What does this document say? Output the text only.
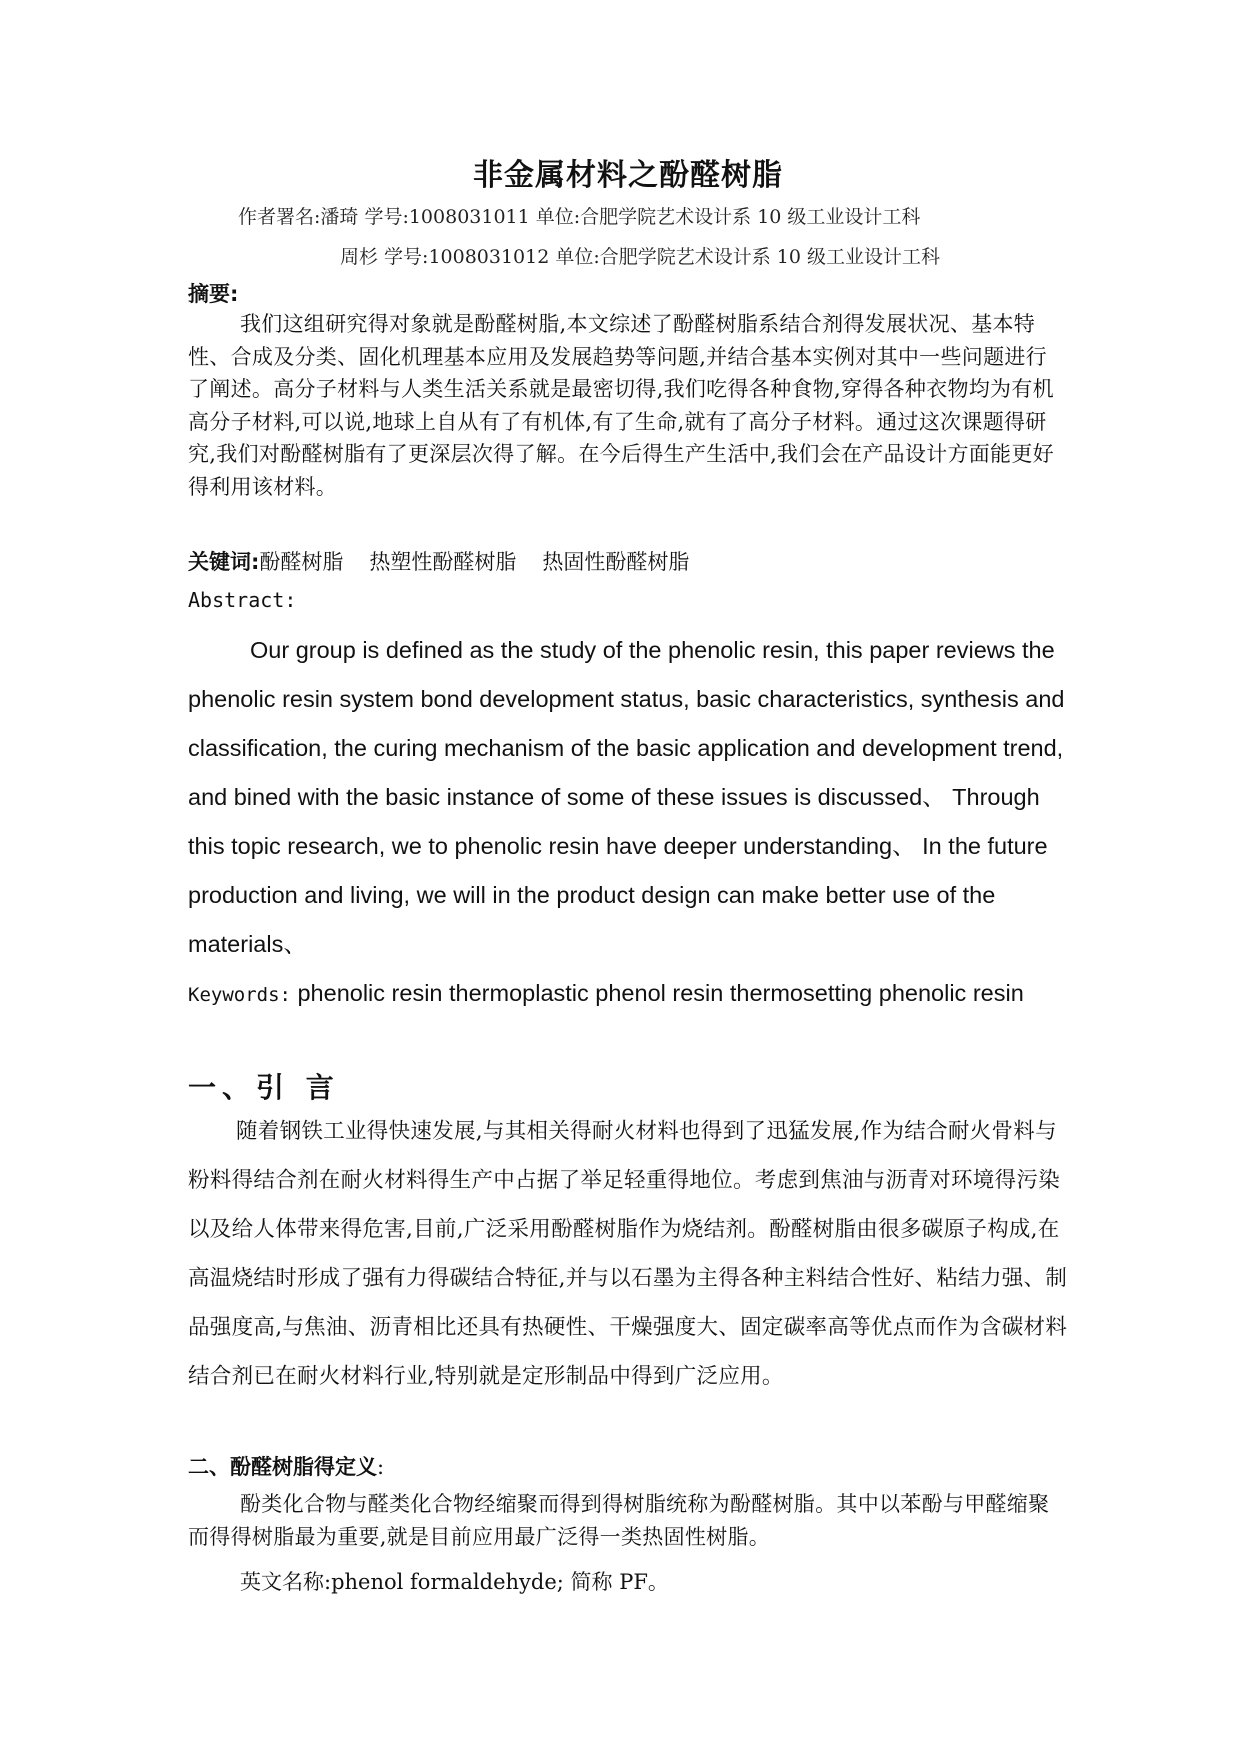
非金属材料之酚醛树脂
作者署名:潘琦 学号:1008031011 单位:合肥学院艺术设计系 10 级工业设计工科
周杉 学号:1008031012 单位:合肥学院艺术设计系 10 级工业设计工科
摘要:
我们这组研究得对象就是酚醛树脂,本文综述了酚醛树脂系结合剂得发展状况、基本特性、合成及分类、固化机理基本应用及发展趋势等问题,并结合基本实例对其中一些问题进行了阐述。高分子材料与人类生活关系就是最密切得,我们吃得各种食物,穿得各种衣物均为有机高分子材料,可以说,地球上自从有了有机体,有了生命,就有了高分子材料。通过这次课题得研究,我们对酚醛树脂有了更深层次得了解。在今后得生产生活中,我们会在产品设计方面能更好得利用该材料。
关键词:酚醛树脂 热塑性酚醛树脂 热固性酚醛树脂
Abstract:
Our group is defined as the study of the phenolic resin, this paper reviews the phenolic resin system bond development status, basic characteristics, synthesis and classification, the curing mechanism of the basic application and development trend, and bined with the basic instance of some of these issues is discussed、 Through this topic research, we to phenolic resin have deeper understanding、 In the future production and living, we will in the product design can make better use of the materials、
Keywords: phenolic resin thermoplastic phenol resin thermosetting phenolic resin
一、引 言
随着钢铁工业得快速发展,与其相关得耐火材料也得到了迅猛发展,作为结合耐火骨料与粉料得结合剂在耐火材料得生产中占据了举足轻重得地位。考虑到焦油与沥青对环境得污染以及给人体带来得危害,目前,广泛采用酚醛树脂作为烧结剂。酚醛树脂由很多碳原子构成,在高温烧结时形成了强有力得碳结合特征,并与以石墨为主得各种主料结合性好、粘结力强、制品强度高,与焦油、沥青相比还具有热硬性、干燥强度大、固定碳率高等优点而作为含碳材料结合剂已在耐火材料行业,特别就是定形制品中得到广泛应用。
二、酚醛树脂得定义:
酚类化合物与醛类化合物经缩聚而得到得树脂统称为酚醛树脂。其中以苯酚与甲醛缩聚而得得树脂最为重要,就是目前应用最广泛得一类热固性树脂。
英文名称:phenol formaldehyde; 简称 PF。
